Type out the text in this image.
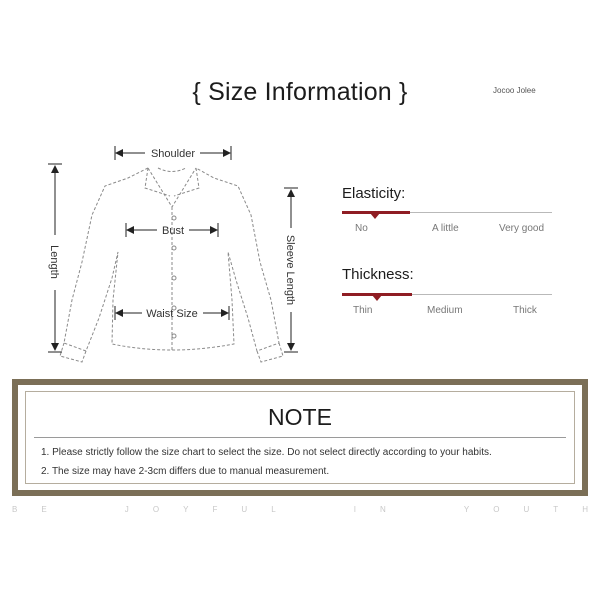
{ Size Information }	Jocoo Jolee
Shoulder
Bust
Waist Size
Length	Sleeve Length
Elasticity:
No	A little	Very good
Thickness:
Thin	Medium	Thick
NOTE
1. Please strictly follow the size chart to select the size. Do not select directly according to your habits.
2. The size may have 2-3cm differs due to manual measurement.
B	E	J	O	Y	F	U	L	I	N	Y	O	U	T	H
